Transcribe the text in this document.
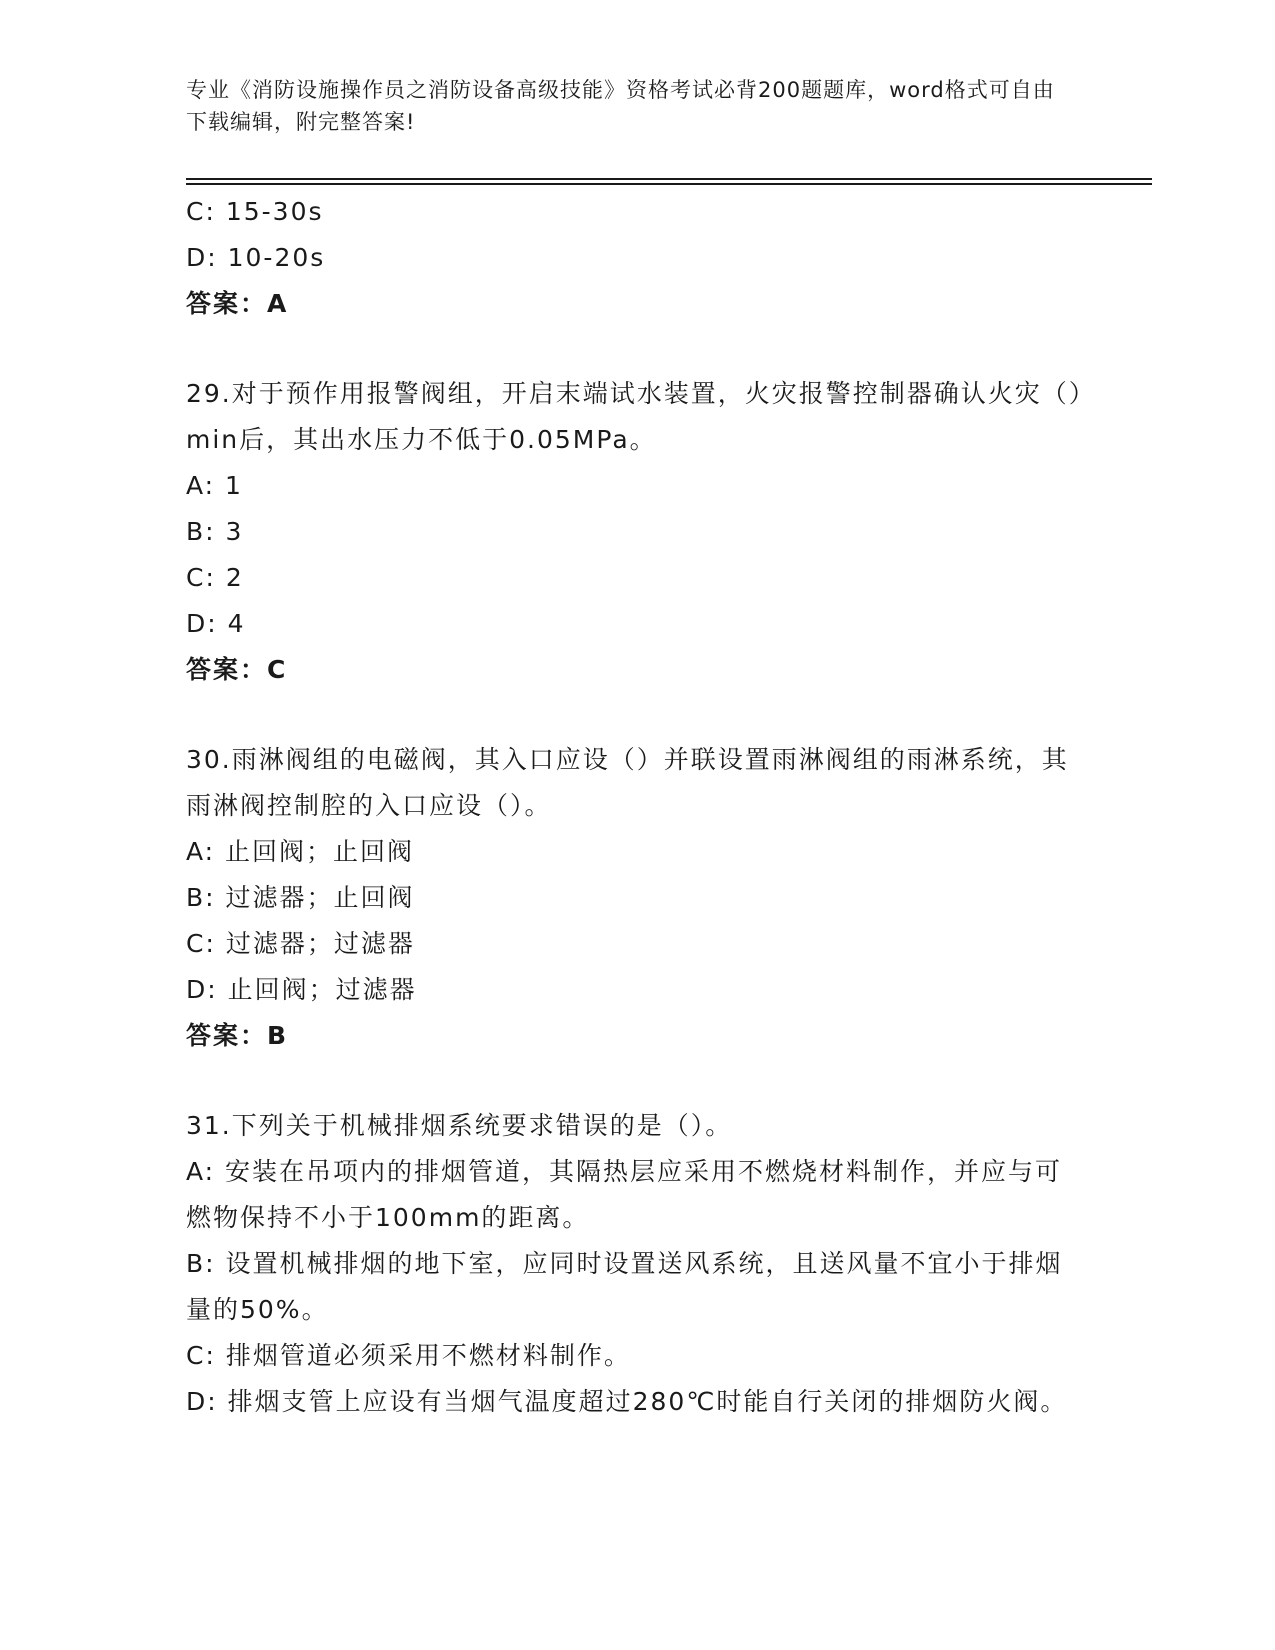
专业《消防设施操作员之消防设备高级技能》资格考试必背200题题库，word格式可自由下载编辑，附完整答案!

C: 15-30s

D: 10-20s

答案：A

29.对于预作用报警阀组，开启末端试水装置，火灾报警控制器确认火灾（）min后，其出水压力不低于0.05MPa。

A: 1

B: 3

C: 2

D: 4

答案：C

30.雨淋阀组的电磁阀，其入口应设（）并联设置雨淋阀组的雨淋系统，其雨淋阀控制腔的入口应设（）。

A: 止回阀；止回阀

B: 过滤器；止回阀

C: 过滤器；过滤器

D: 止回阀；过滤器

答案：B

31.下列关于机械排烟系统要求错误的是（）。

A: 安装在吊项内的排烟管道，其隔热层应采用不燃烧材料制作，并应与可燃物保持不小于100mm的距离。

B: 设置机械排烟的地下室，应同时设置送风系统，且送风量不宜小于排烟量的50%。

C: 排烟管道必须采用不燃材料制作。

D: 排烟支管上应设有当烟气温度超过280℃时能自行关闭的排烟防火阀。
